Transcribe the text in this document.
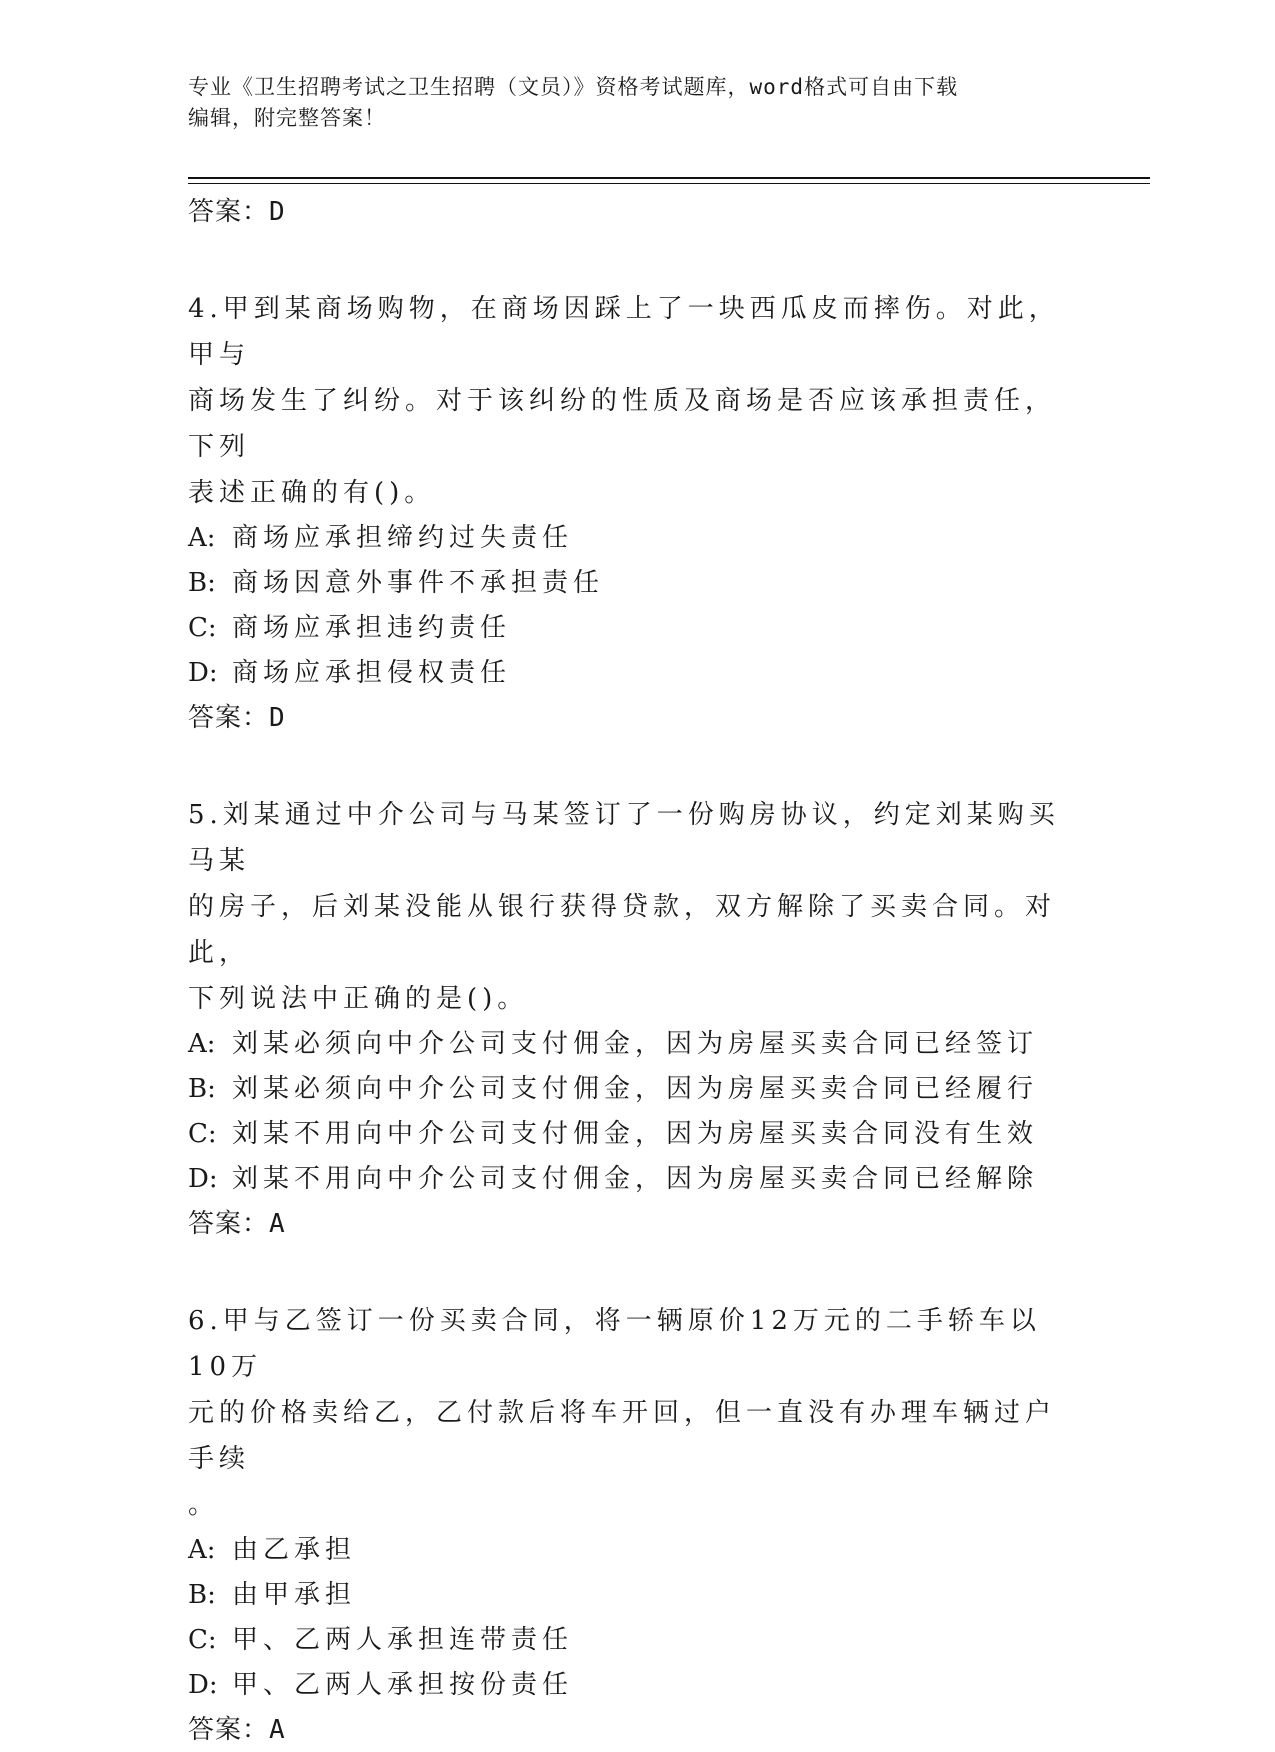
专业《卫生招聘考试之卫生招聘（文员）》资格考试题库，word格式可自由下载
编辑，附完整答案！

答案：D

4.甲到某商场购物，在商场因踩上了一块西瓜皮而摔伤。对此，甲与

商场发生了纠纷。对于该纠纷的性质及商场是否应该承担责任，下列

表述正确的有()。

A: 商场应承担缔约过失责任

B: 商场因意外事件不承担责任

C: 商场应承担违约责任

D: 商场应承担侵权责任

答案：D

5.刘某通过中介公司与马某签订了一份购房协议，约定刘某购买马某

的房子，后刘某没能从银行获得贷款，双方解除了买卖合同。对此，

下列说法中正确的是()。

A: 刘某必须向中介公司支付佣金，因为房屋买卖合同已经签订

B: 刘某必须向中介公司支付佣金，因为房屋买卖合同已经履行

C: 刘某不用向中介公司支付佣金，因为房屋买卖合同没有生效

D: 刘某不用向中介公司支付佣金，因为房屋买卖合同已经解除

答案：A

6.甲与乙签订一份买卖合同，将一辆原价12万元的二手轿车以10万

元的价格卖给乙，乙付款后将车开回，但一直没有办理车辆过户手续

。

A: 由乙承担

B: 由甲承担

C: 甲、乙两人承担连带责任

D: 甲、乙两人承担按份责任

答案：A
